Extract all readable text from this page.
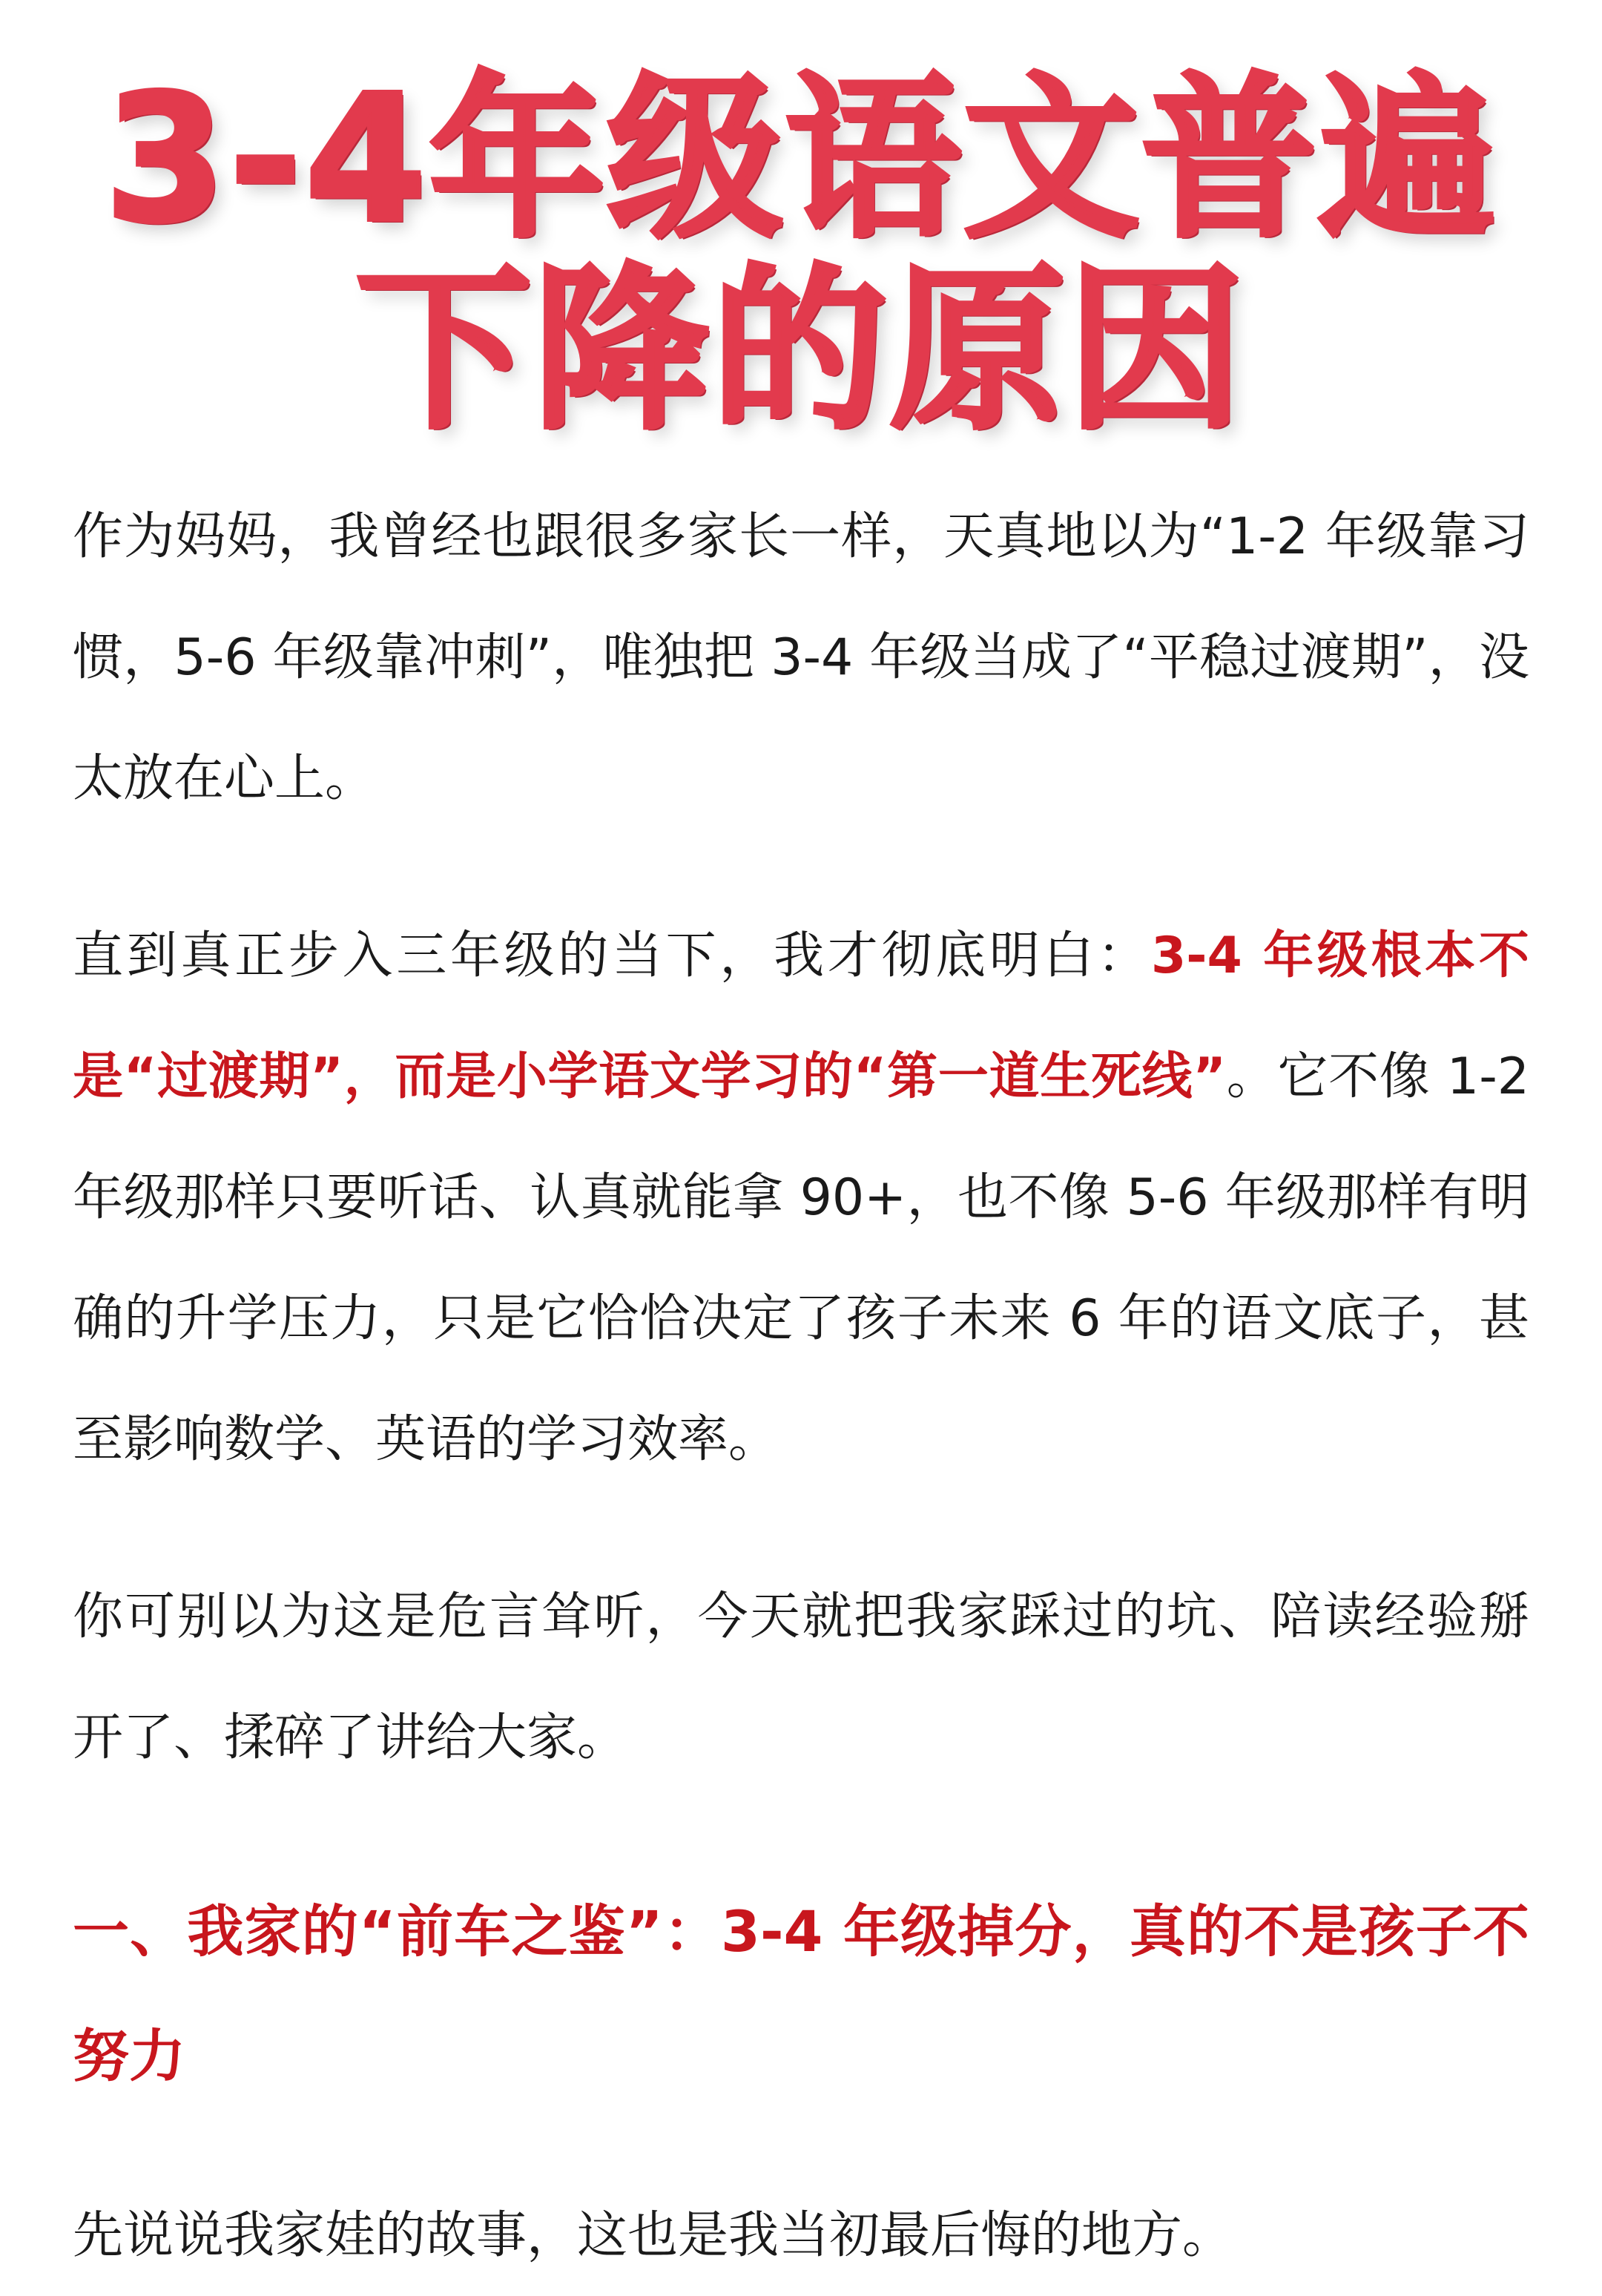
3-4年级语文普遍
下降的原因

作为妈妈，我曾经也跟很多家长一样，天真地以为“1-2 年级靠习惯，5-6 年级靠冲刺”，唯独把 3-4 年级当成了“平稳过渡期”，没太放在心上。

直到真正步入三年级的当下，我才彻底明白：3-4 年级根本不是“过渡期”，而是小学语文学习的“第一道生死线”。它不像 1-2 年级那样只要听话、认真就能拿 90+，也不像 5-6 年级那样有明确的升学压力，只是它恰恰决定了孩子未来 6 年的语文底子，甚至影响数学、英语的学习效率。

你可别以为这是危言耸听，今天就把我家踩过的坑、陪读经验掰开了、揉碎了讲给大家。

一、我家的“前车之鉴”：3-4 年级掉分，真的不是孩子不努力

先说说我家娃的故事，这也是我当初最后悔的地方。
